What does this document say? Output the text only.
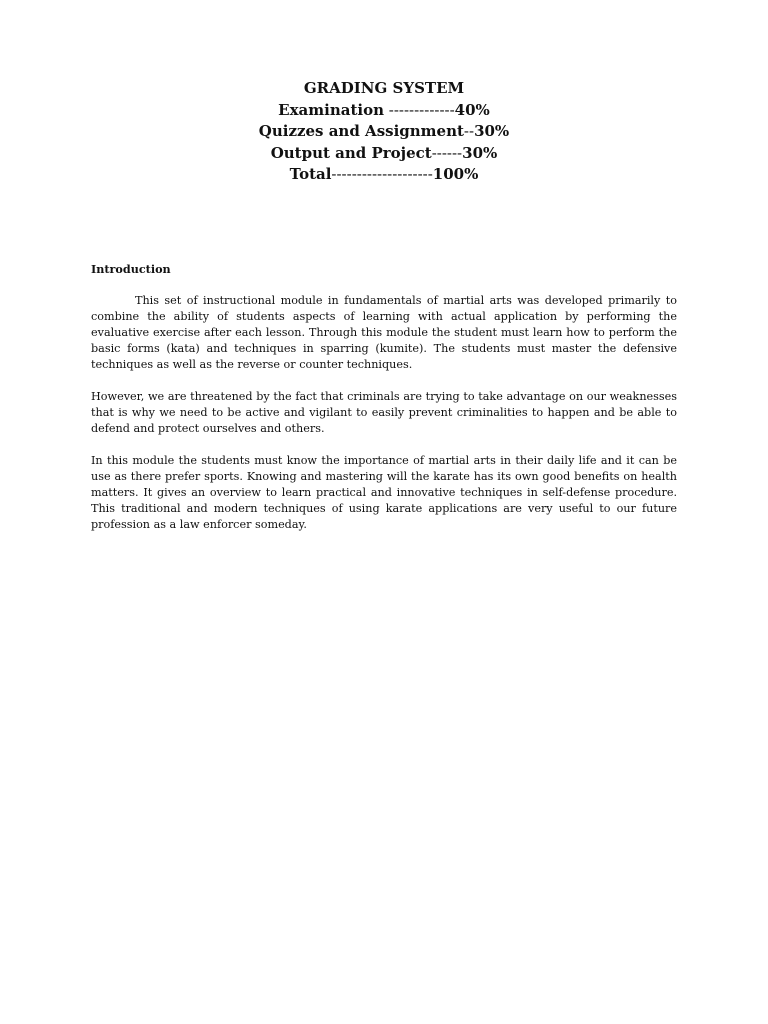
GRADING SYSTEM
Examination -------------40%
Quizzes and Assignment--30%
Output and Project------30%
Total--------------------100%

Introduction

This set of instructional module in fundamentals of martial arts was developed primarily to combine the ability of students aspects of learning with actual application by performing the evaluative exercise after each lesson. Through this module the student must learn how to perform the basic forms (kata) and techniques in sparring (kumite). The students must master the defensive techniques as well as the reverse or counter techniques.

However, we are threatened by the fact that criminals are trying to take advantage on our weaknesses that is why we need to be active and vigilant to easily prevent criminalities to happen and be able to defend and protect ourselves and others.

In this module the students must know the importance of martial arts in their daily life and it can be use as there prefer sports. Knowing and mastering will the karate has its own good benefits on health matters. It gives an overview to learn practical and innovative techniques in self-defense procedure. This traditional and modern techniques of using karate applications are very useful to our future profession as a law enforcer someday.
